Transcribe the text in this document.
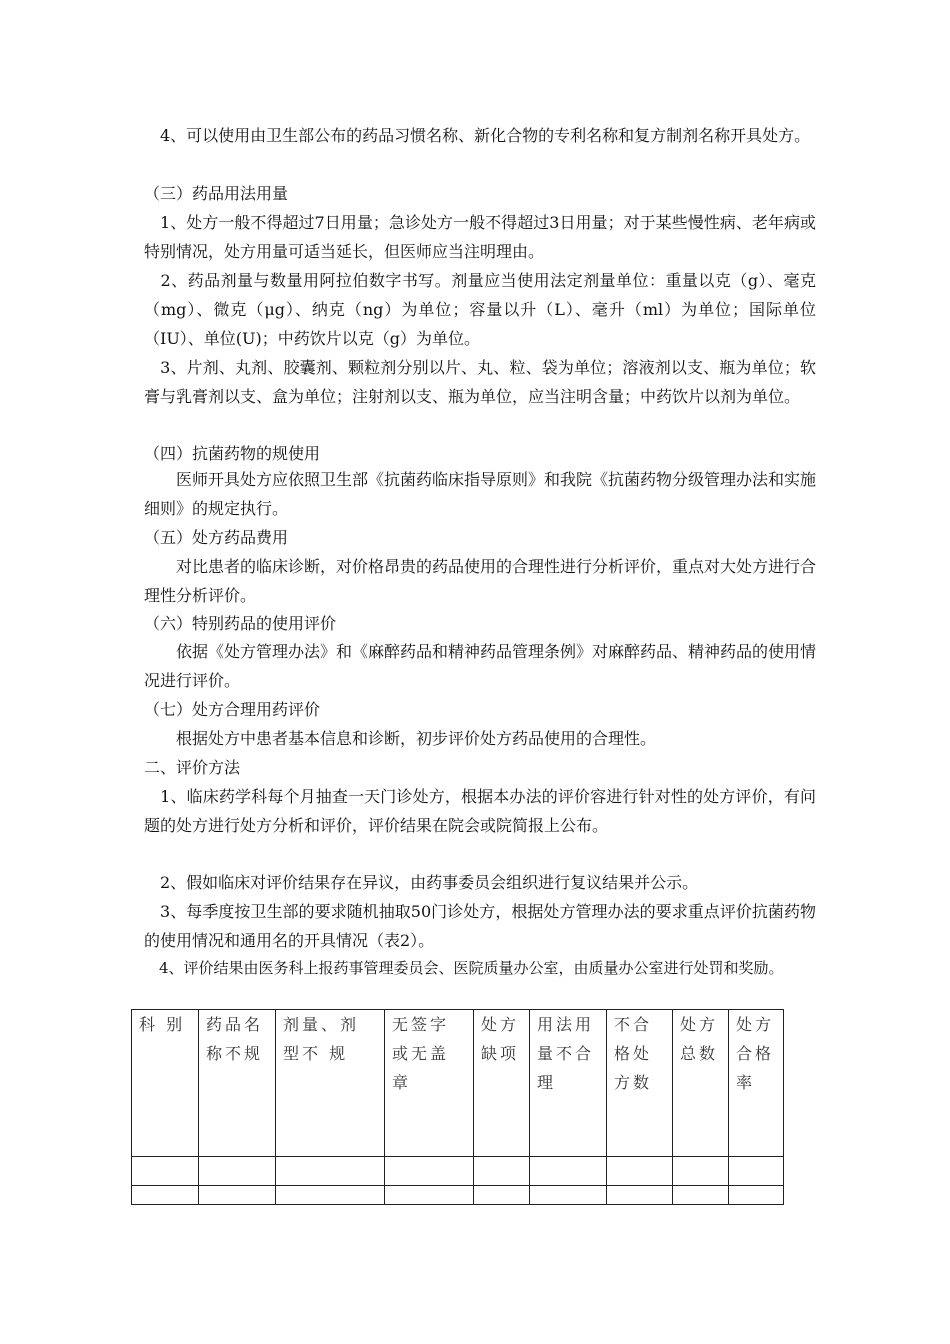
　4、可以使用由卫生部公布的药品习惯名称、新化合物的专利名称和复方制剂名称开具处方。

（三）药品用法用量

　1、处方一般不得超过7日用量；急诊处方一般不得超过3日用量；对于某些慢性病、老年病或特别情况，处方用量可适当延长，但医师应当注明理由。

　2、药品剂量与数量用阿拉伯数字书写。剂量应当使用法定剂量单位：重量以克（g）、毫克（mg）、微克（μg）、纳克（ng）为单位；容量以升（L）、毫升（ml）为单位；国际单位（IU）、单位(U)；中药饮片以克（g）为单位。

　3、片剂、丸剂、胶囊剂、颗粒剂分别以片、丸、粒、袋为单位；溶液剂以支、瓶为单位；软膏与乳膏剂以支、盒为单位；注射剂以支、瓶为单位，应当注明含量；中药饮片以剂为单位。

（四）抗菌药物的规使用

　　医师开具处方应依照卫生部《抗菌药临床指导原则》和我院《抗菌药物分级管理办法和实施细则》的规定执行。

（五）处方药品费用

　　对比患者的临床诊断，对价格昂贵的药品使用的合理性进行分析评价，重点对大处方进行合理性分析评价。

（六）特别药品的使用评价

　　依据《处方管理办法》和《麻醉药品和精神药品管理条例》对麻醉药品、精神药品的使用情况进行评价。

（七）处方合理用药评价

　　根据处方中患者基本信息和诊断，初步评价处方药品使用的合理性。

二、评价方法

　1、临床药学科每个月抽查一天门诊处方，根据本办法的评价容进行针对性的处方评价，有问题的处方进行处方分析和评价，评价结果在院会或院简报上公布。

　2、假如临床对评价结果存在异议，由药事委员会组织进行复议结果并公示。

　3、每季度按卫生部的要求随机抽取50门诊处方，根据处方管理办法的要求重点评价抗菌药物的使用情况和通用名的开具情况（表2）。

　4、评价结果由医务科上报药事管理委员会、医院质量办公室，由质量办公室进行处罚和奖励。

科 别	药品名称不规	剂量、剂型不 规	无签字或无盖章	处方缺项	用法用量不合理	不合格处方数	处方总数	处方合格率
